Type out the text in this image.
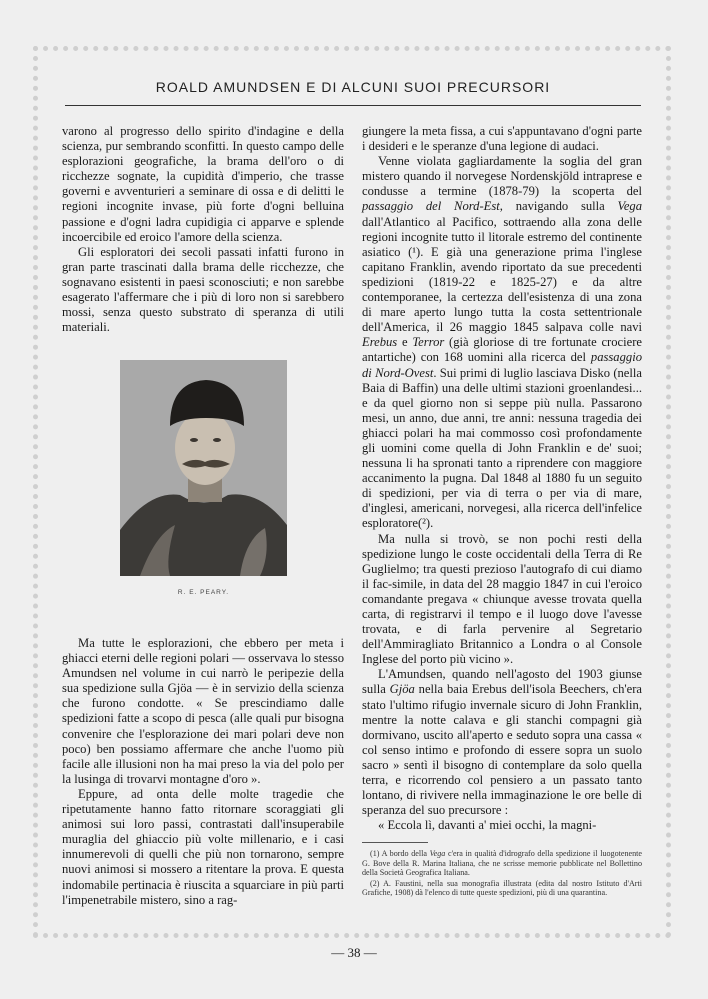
ROALD AMUNDSEN E DI ALCUNI SUOI PRECURSORI

varono al progresso dello spirito d'indagine e della scienza, pur sembrando sconfitti. In questo campo delle esplorazioni geografiche, la brama dell'oro o di ricchezze sognate, la cupidità d'imperio, che trasse governi e avventurieri a seminare di ossa e di delitti le regioni incognite invase, più forte d'ogni belluina passione e d'ogni ladra cupidigia ci apparve e splende incoercibile ed eroico l'amore della scienza.

Gli esploratori dei secoli passati infatti furono in gran parte trascinati dalla brama delle ricchezze, che sognavano esistenti in paesi sconosciuti; e non sarebbe esagerato l'affermare che i più di loro non si sarebbero mossi, senza questo substrato di speranza di utili materiali.

R. E. PEARY.

Ma tutte le esplorazioni, che ebbero per meta i ghiacci eterni delle regioni polari — osservava lo stesso Amundsen nel volume in cui narrò le peripezie della sua spedizione sulla Gjöa — è in servizio della scienza che furono condotte. « Se prescindiamo dalle spedizioni fatte a scopo di pesca (alle quali pur bisogna convenire che l'esplorazione dei mari polari deve non poco) ben possiamo affermare che anche l'uomo più facile alle illusioni non ha mai preso la via del polo per la lusinga di trovarvi montagne d'oro ».

Eppure, ad onta delle molte tragedie che ripetutamente hanno fatto ritornare scoraggiati gli animosi sui loro passi, contrastati dall'insuperabile muraglia del ghiaccio più volte millenario, e i casi innumerevoli di quelli che più non tornarono, sempre nuovi animosi si mossero a ritentare la prova. E questa indomabile pertinacia è riuscita a squarciare in più parti l'impenetrabile mistero, sino a rag-

giungere la meta fissa, a cui s'appuntavano d'ogni parte i desideri e le speranze d'una legione di audaci.

Venne violata gagliardamente la soglia del gran mistero quando il norvegese Nordenskjöld intraprese e condusse a termine (1878-79) la scoperta del passaggio del Nord-Est, navigando sulla Vega dall'Atlantico al Pacifico, sottraendo alla zona delle regioni incognite tutto il litorale estremo del continente asiatico (¹). E già una generazione prima l'inglese capitano Franklin, avendo riportato da sue precedenti spedizioni (1819-22 e 1825-27) e da altre contemporanee, la certezza dell'esistenza di una zona di mare aperto lungo tutta la costa settentrionale dell'America, il 26 maggio 1845 salpava colle navi Erebus e Terror (già gloriose di tre fortunate crociere antartiche) con 168 uomini alla ricerca del passaggio di Nord-Ovest. Sui primi di luglio lasciava Disko (nella Baia di Baffin) una delle ultimi stazioni groenlandesi... e da quel giorno non si seppe più nulla. Passarono mesi, un anno, due anni, tre anni: nessuna tragedia dei ghiacci polari ha mai commosso così profondamente gli uomini come quella di John Franklin e de' suoi; nessuna li ha spronati tanto a riprendere con maggiore accanimento la pugna. Dal 1848 al 1880 fu un seguito di spedizioni, per via di terra o per via di mare, d'inglesi, americani, norvegesi, alla ricerca dell'infelice esploratore(²).

Ma nulla si trovò, se non pochi resti della spedizione lungo le coste occidentali della Terra di Re Guglielmo; tra questi prezioso l'autografo di cui diamo il fac-simile, in data del 28 maggio 1847 in cui l'eroico comandante pregava « chiunque avesse trovata quella carta, di registrarvi il tempo e il luogo dove l'avesse trovata, e di farla pervenire al Segretario dell'Ammiragliato Britannico a Londra o al Console Inglese del porto più vicino ».

L'Amundsen, quando nell'agosto del 1903 giunse sulla Gjöa nella baia Erebus dell'isola Beechers, ch'era stato l'ultimo rifugio invernale sicuro di John Franklin, mentre la notte calava e gli stanchi compagni già dormivano, uscito all'aperto e seduto sopra una cassa « col senso intimo e profondo di essere sopra un suolo sacro » sentì il bisogno di contemplare da solo quella terra, e ricorrendo col pensiero a un passato tanto lontano, di rivivere nella immaginazione le ore belle di speranza del suo precursore :

« Eccola lì, davanti a' miei occhi, la magni-

(1) A bordo della Vega c'era in qualità d'idrografo della spedizione il luogotenente G. Bove della R. Marina Italiana, che ne scrisse memorie pubblicate nel Bollettino della Società Geografica Italiana.

(2) A. Faustini, nella sua monografia illustrata (edita dal nostro Istituto d'Arti Grafiche, 1908) dà l'elenco di tutte queste spedizioni, più di una quarantina.

— 38 —
